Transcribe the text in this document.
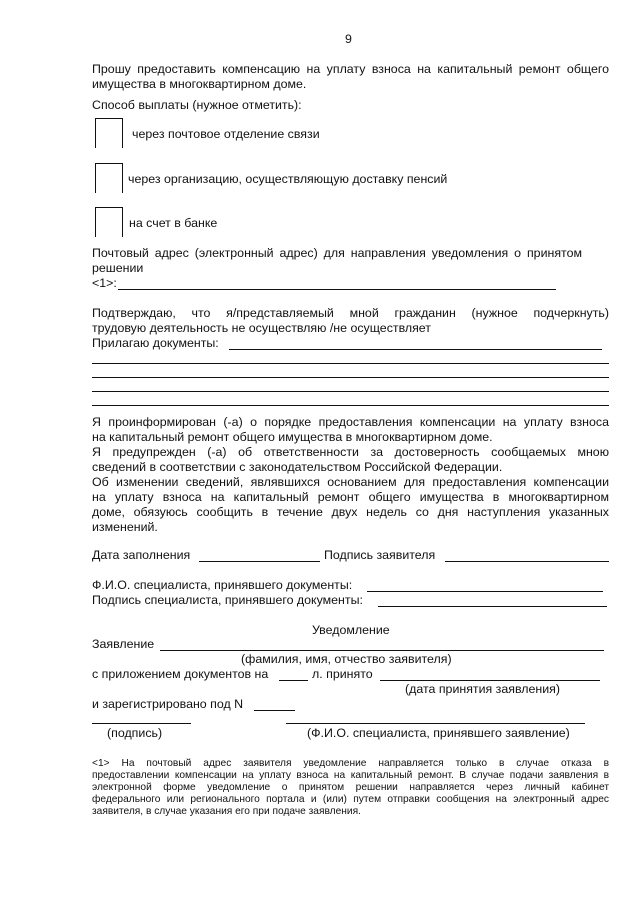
9
Прошу предоставить компенсацию на уплату взноса на капитальный ремонт общего
имущества в многоквартирном доме.
Способ выплаты (нужное отметить):
через почтовое отделение связи
через организацию, осуществляющую доставку пенсий
на счет в банке
Почтовый адрес (электронный адрес) для направления уведомления о принятом
решении
<1>:
Подтверждаю, что я/представляемый мной гражданин (нужное подчеркнуть)
трудовую деятельность не осуществляю /не осуществляет
Прилагаю документы:
Я проинформирован (-а) о порядке предоставления компенсации на уплату взноса
на капитальный ремонт общего имущества в многоквартирном доме.
Я предупрежден (-а) об ответственности за достоверность сообщаемых мною
сведений в соответствии с законодательством Российской Федерации.
Об изменении сведений, являвшихся основанием для предоставления компенсации
на уплату взноса на капитальный ремонт общего имущества в многоквартирном
доме, обязуюсь сообщить в течение двух недель со дня наступления указанных
изменений.
Дата заполнения	Подпись заявителя
Ф.И.О. специалиста, принявшего документы:
Подпись специалиста, принявшего документы:
Уведомление
Заявление
(фамилия, имя, отчество заявителя)
с приложением документов на	л. принято
(дата принятия заявления)
и зарегистрировано под N
(подпись)	(Ф.И.О. специалиста, принявшего заявление)
<1> На почтовый адрес заявителя уведомление направляется только в случае отказа в
предоставлении компенсации на уплату взноса на капитальный ремонт. В случае подачи заявления в
электронной форме уведомление о принятом решении направляется через личный кабинет
федерального или регионального портала и (или) путем отправки сообщения на электронный адрес
заявителя, в случае указания его при подаче заявления.
